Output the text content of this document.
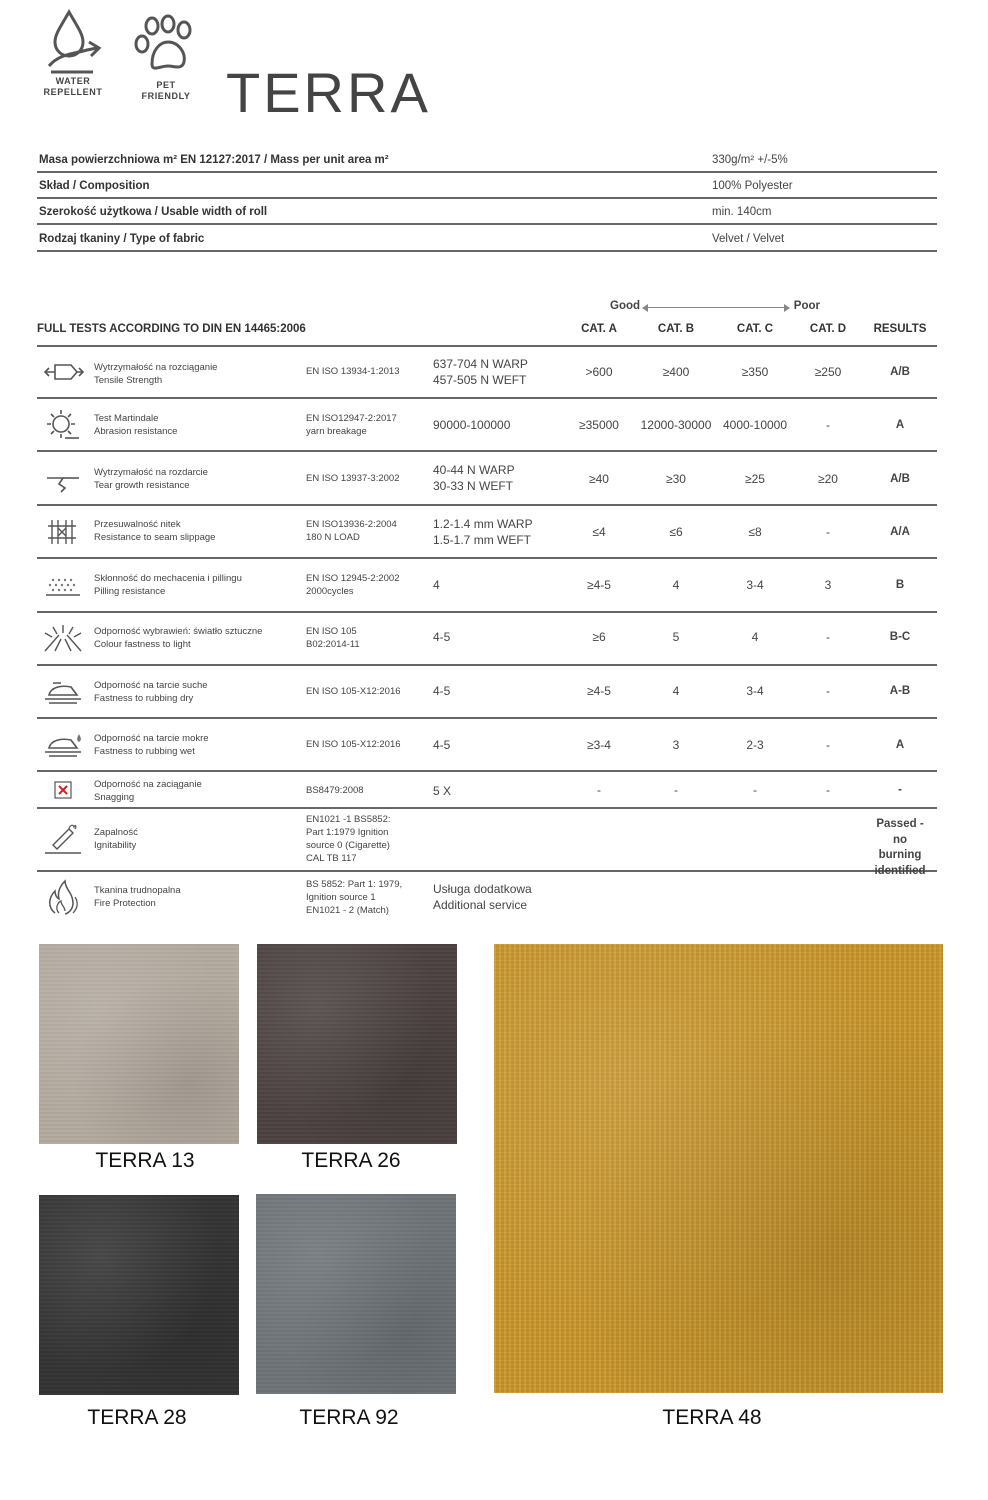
WATER
REPELLENT
PET
FRIENDLY TERRA
Masa powierzchniowa m² EN 12127:2017 / Mass per unit area m²	330g/m² +/-5%
Skład / Composition	100% Polyester
Szerokość użytkowa / Usable width of roll	min. 140cm
Rodzaj tkaniny / Type of fabric	Velvet / Velvet
Good	Poor
FULL TESTS ACCORDING TO DIN EN 14465:2006	CAT. A	CAT. B	CAT. C	CAT. D RESULTS
Wytrzymałość na rozciąganie
Tensile Strength
EN ISO 13934-1:2013
637-704 N WARP
457-505 N WEFT
>600	≥400	≥350	≥250	A/B
Test Martindale
Abrasion resistance
EN ISO12947-2:2017
yarn breakage	90000-100000	≥35000 12000-30000 4000-10000	-	A
Wytrzymałość na rozdarcie
Tear growth resistance
EN ISO 13937-3:2002
40-44 N WARP
30-33 N WEFT	≥40	≥30	≥25	≥20	A/B
Przesuwalność nitek
Resistance to seam slippage
EN ISO13936-2:2004
180 N LOAD
1.2-1.4 mm WARP
1.5-1.7 mm WEFT
≤4	≤6	≤8	-	A/A
Skłonność do mechacenia i pillingu
Pilling resistance
EN ISO 12945-2:2002
2000cycles	4	≥4-5	4	3-4	3	B
Odporność wybrawień: światło sztuczne
Colour fastness to light
EN ISO 105
B02:2014-11
4-5	≥6	5	4	-	B-C
Odporność na tarcie suche
Fastness to rubbing dry
EN ISO 105-X12:2016	4-5	≥4-5	4	3-4	-	A-B
Odporność na tarcie mokre
Fastness to rubbing wet
EN ISO 105-X12:2016	4-5	≥3-4	3	2-3	-	A
Odporność na zaciąganie
Snagging
BS8479:2008	5 X	-	-	-	-	-
Zapalność
Ignitability
EN1021 -1 BS5852:
Part 1:1979 Ignition
source 0 (Cigarette)
CAL TB 117
Passed -
no burning
identified
Tkanina trudnopalna
Fire Protection
BS 5852: Part 1: 1979,
Ignition source 1
EN1021 - 2 (Match)
Usługa dodatkowa
Additional service
TERRA 13	TERRA 26
TERRA 28	TERRA 92	TERRA 48
